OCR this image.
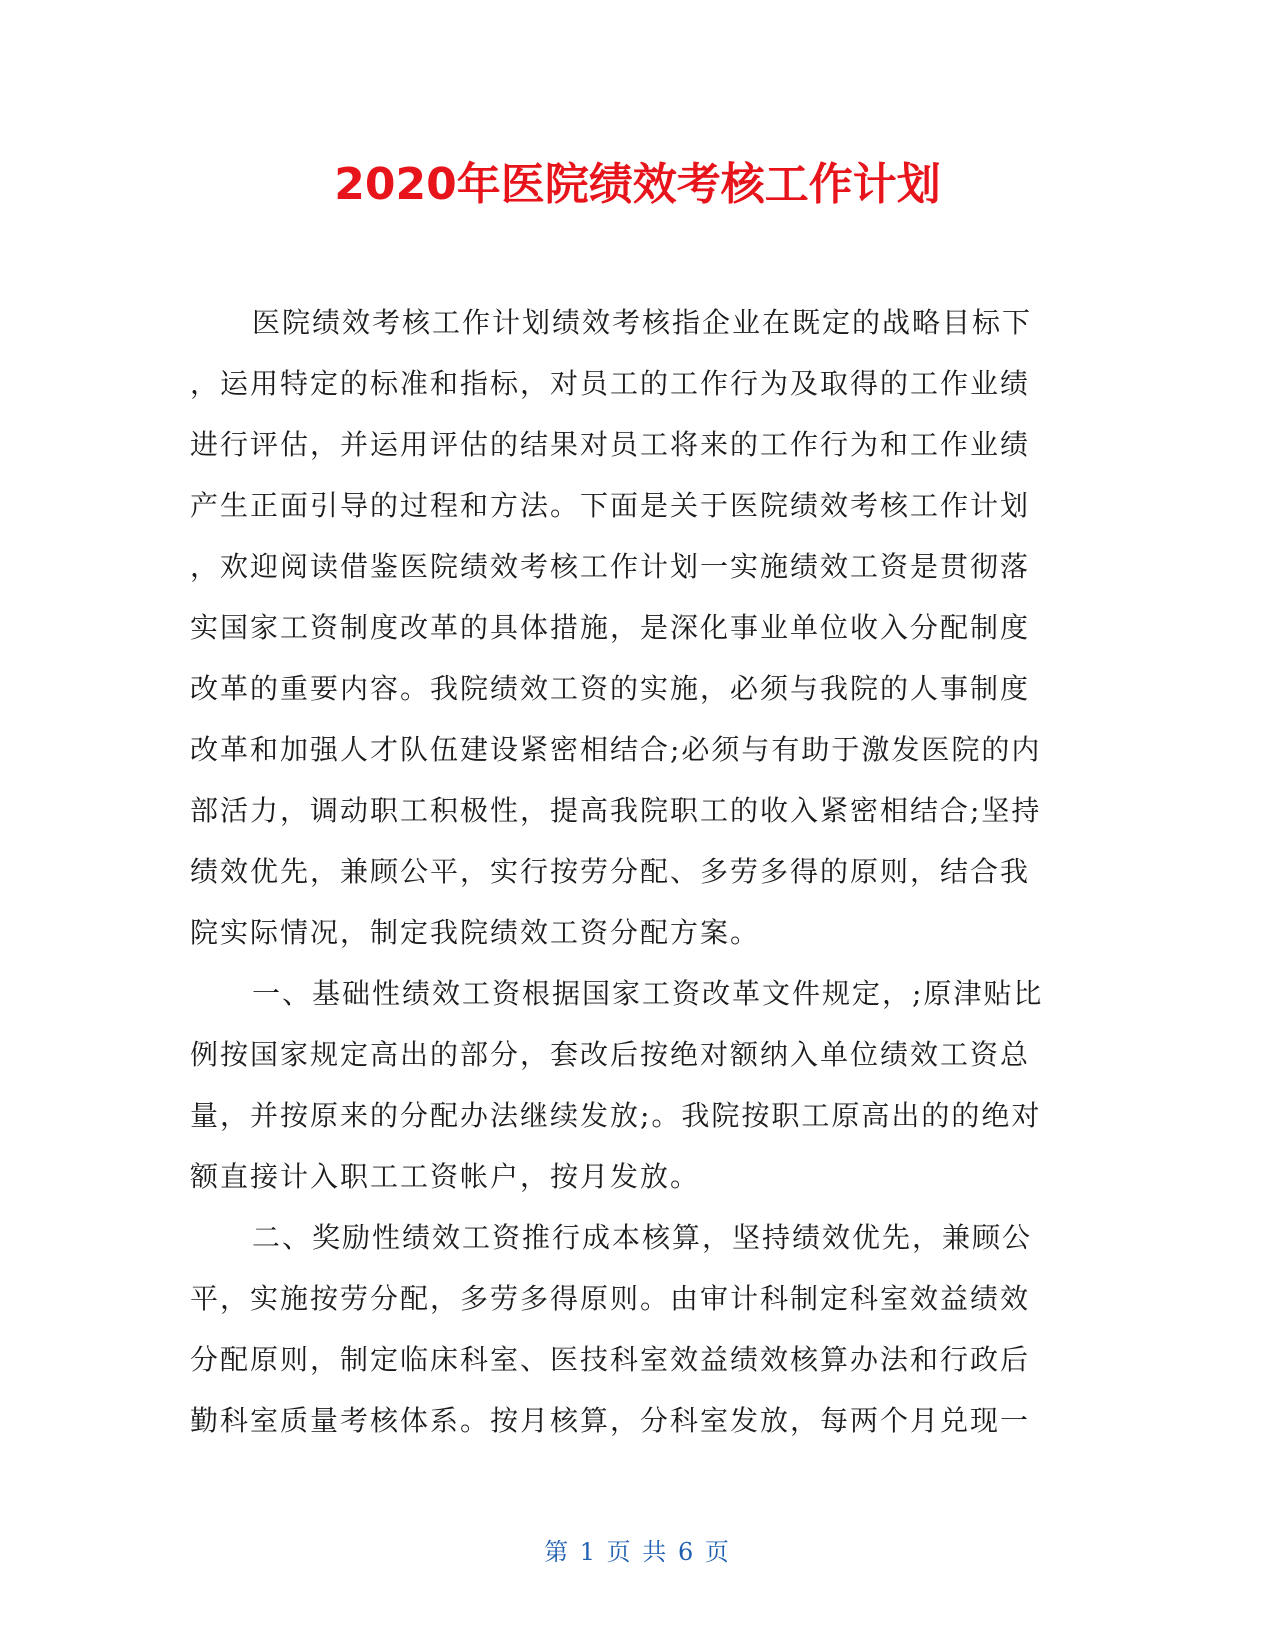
2020年医院绩效考核工作计划
医院绩效考核工作计划绩效考核指企业在既定的战略目标下
，运用特定的标准和指标，对员工的工作行为及取得的工作业绩
进行评估，并运用评估的结果对员工将来的工作行为和工作业绩
产生正面引导的过程和方法。下面是关于医院绩效考核工作计划
，欢迎阅读借鉴医院绩效考核工作计划一实施绩效工资是贯彻落
实国家工资制度改革的具体措施，是深化事业单位收入分配制度
改革的重要内容。我院绩效工资的实施，必须与我院的人事制度
改革和加强人才队伍建设紧密相结合;必须与有助于激发医院的内
部活力，调动职工积极性，提高我院职工的收入紧密相结合;坚持
绩效优先，兼顾公平，实行按劳分配、多劳多得的原则，结合我
院实际情况，制定我院绩效工资分配方案。
一、基础性绩效工资根据国家工资改革文件规定，;原津贴比
例按国家规定高出的部分，套改后按绝对额纳入单位绩效工资总
量，并按原来的分配办法继续发放;。我院按职工原高出的的绝对
额直接计入职工工资帐户，按月发放。
二、奖励性绩效工资推行成本核算，坚持绩效优先，兼顾公
平，实施按劳分配，多劳多得原则。由审计科制定科室效益绩效
分配原则，制定临床科室、医技科室效益绩效核算办法和行政后
勤科室质量考核体系。按月核算，分科室发放，每两个月兑现一
第 1 页 共 6 页
